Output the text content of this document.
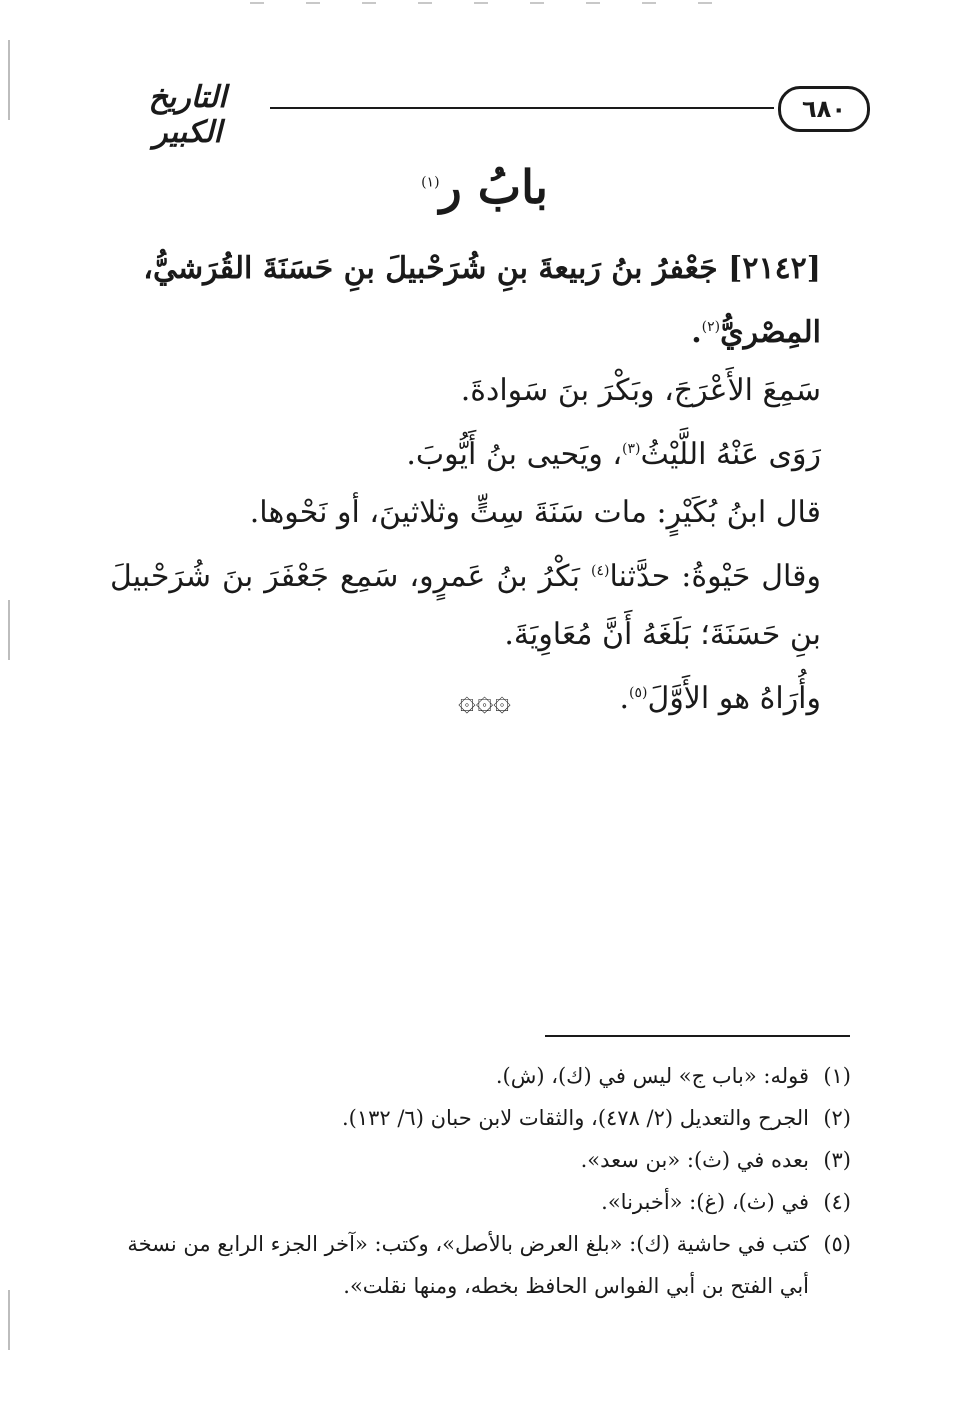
٦٨٠
التاريخ الكبير
بابُ ر$^{(١)}$

[٢١٤٢] جَعْفرُ بنُ رَبيعةَ بنِ شُرَحْبيلَ بنِ حَسَنَةَ القُرَشيُّ، المِصْريُّ$^{(٢)}$.

سَمِعَ الأَعْرَجَ، وبَكْرَ بنَ سَوادةَ.

رَوَى عَنْهُ اللَّيْثُ$^{(٣)}$، ويَحيى بنُ أَيُّوبَ.

قال ابنُ بُكَيْرٍ: مات سَنَةَ سِتٍّ وثلاثينَ، أو نَحْوها.

وقال حَيْوةُ: حدَّثنا$^{(٤)}$ بَكْرُ بنُ عَمرٍو، سَمِع جَعْفَرَ بنَ شُرَحْبيلَ بنِ حَسَنَةَ؛ بَلَغَهُ أَنَّ مُعَاوِيَةَ.

وأُرَاهُ هو الأَوَّلَ$^{(٥)}$.

۞۞۞
(١)
قوله: «باب ج» ليس في (ك)، (ش).
(٢)
الجرح والتعديل (٢/ ٤٧٨)، والثقات لابن حبان (٦/ ١٣٢).
(٣)
بعده في (ث): «بن سعد».
(٤)
في (ث)، (غ): «أخبرنا».
(٥)
كتب في حاشية (ك): «بلغ العرض بالأصل»، وكتب: «آخر الجزء الرابع من نسخة أبي الفتح بن أبي الفواس الحافظ بخطه، ومنها نقلت».
